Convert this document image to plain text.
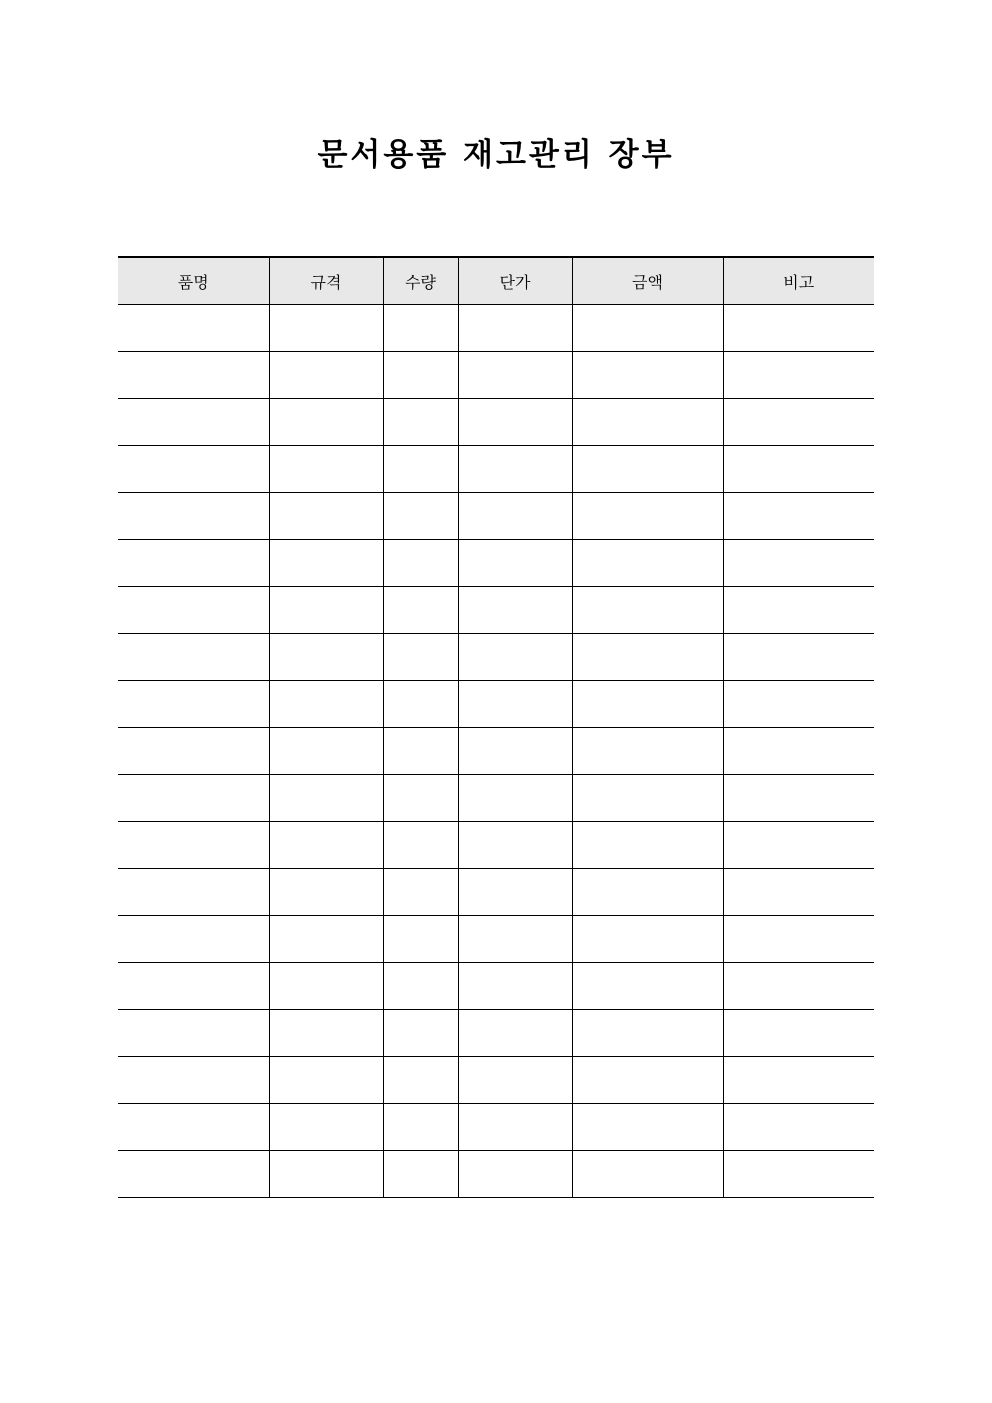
문서용품 재고관리 장부
품명	규격	수량	단가	금액	비고
